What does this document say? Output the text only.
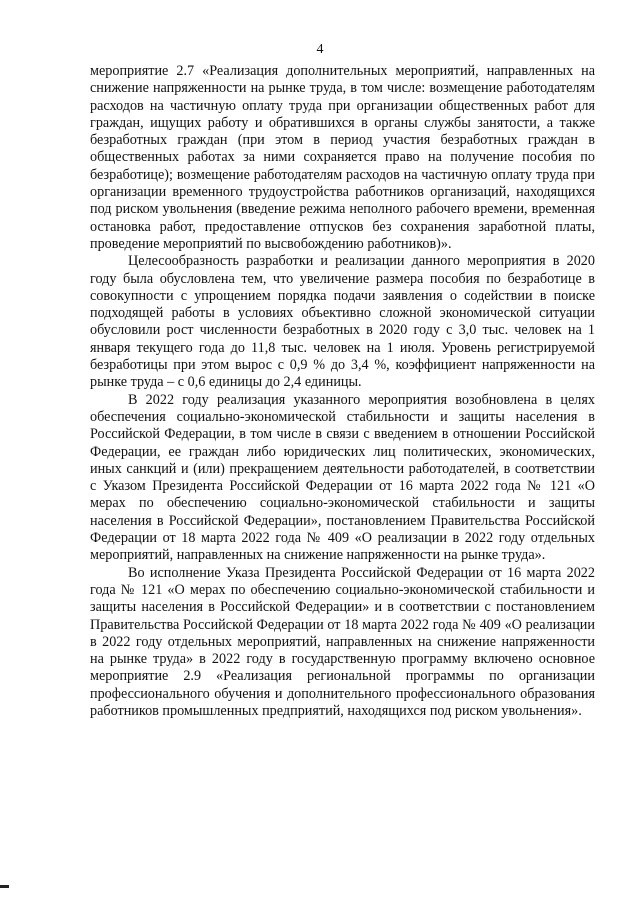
4

мероприятие 2.7 «Реализация дополнительных мероприятий, направленных на снижение напряженности на рынке труда, в том числе: возмещение работодателям расходов на частичную оплату труда при организации общественных работ для граждан, ищущих работу и обратившихся в органы службы занятости, а также безработных граждан (при этом в период участия безработных граждан в общественных работах за ними сохраняется право на получение пособия по безработице); возмещение работодателям расходов на частичную оплату труда при организации временного трудоустройства работников организаций, находящихся под риском увольнения (введение режима неполного рабочего времени, временная остановка работ, предоставление отпусков без сохранения заработной платы, проведение мероприятий по высвобождению работников)».

Целесообразность разработки и реализации данного мероприятия в 2020 году была обусловлена тем, что увеличение размера пособия по безработице в совокупности с упрощением порядка подачи заявления о содействии в поиске подходящей работы в условиях объективно сложной экономической ситуации обусловили рост численности безработных в 2020 году с 3,0 тыс. человек на 1 января текущего года до 11,8 тыс. человек на 1 июля. Уровень регистрируемой безработицы при этом вырос с 0,9 % до 3,4 %, коэффициент напряженности на рынке труда – с 0,6 единицы до 2,4 единицы.

В 2022 году реализация указанного мероприятия возобновлена в целях обеспечения социально-экономической стабильности и защиты населения в Российской Федерации, в том числе в связи с введением в отношении Российской Федерации, ее граждан либо юридических лиц политических, экономических, иных санкций и (или) прекращением деятельности работодателей, в соответствии с Указом Президента Российской Федерации от 16 марта 2022 года № 121 «О мерах по обеспечению социально-экономической стабильности и защиты населения в Российской Федерации», постановлением Правительства Российской Федерации от 18 марта 2022 года № 409 «О реализации в 2022 году отдельных мероприятий, направленных на снижение напряженности на рынке труда».

Во исполнение Указа Президента Российской Федерации от 16 марта 2022 года № 121 «О мерах по обеспечению социально-экономической стабильности и защиты населения в Российской Федерации» и в соответствии с постановлением Правительства Российской Федерации от 18 марта 2022 года № 409 «О реализации в 2022 году отдельных мероприятий, направленных на снижение напряженности на рынке труда» в 2022 году в государственную программу включено основное мероприятие 2.9 «Реализация региональной программы по организации профессионального обучения и дополнительного профессионального образования работников промышленных предприятий, находящихся под риском увольнения».
